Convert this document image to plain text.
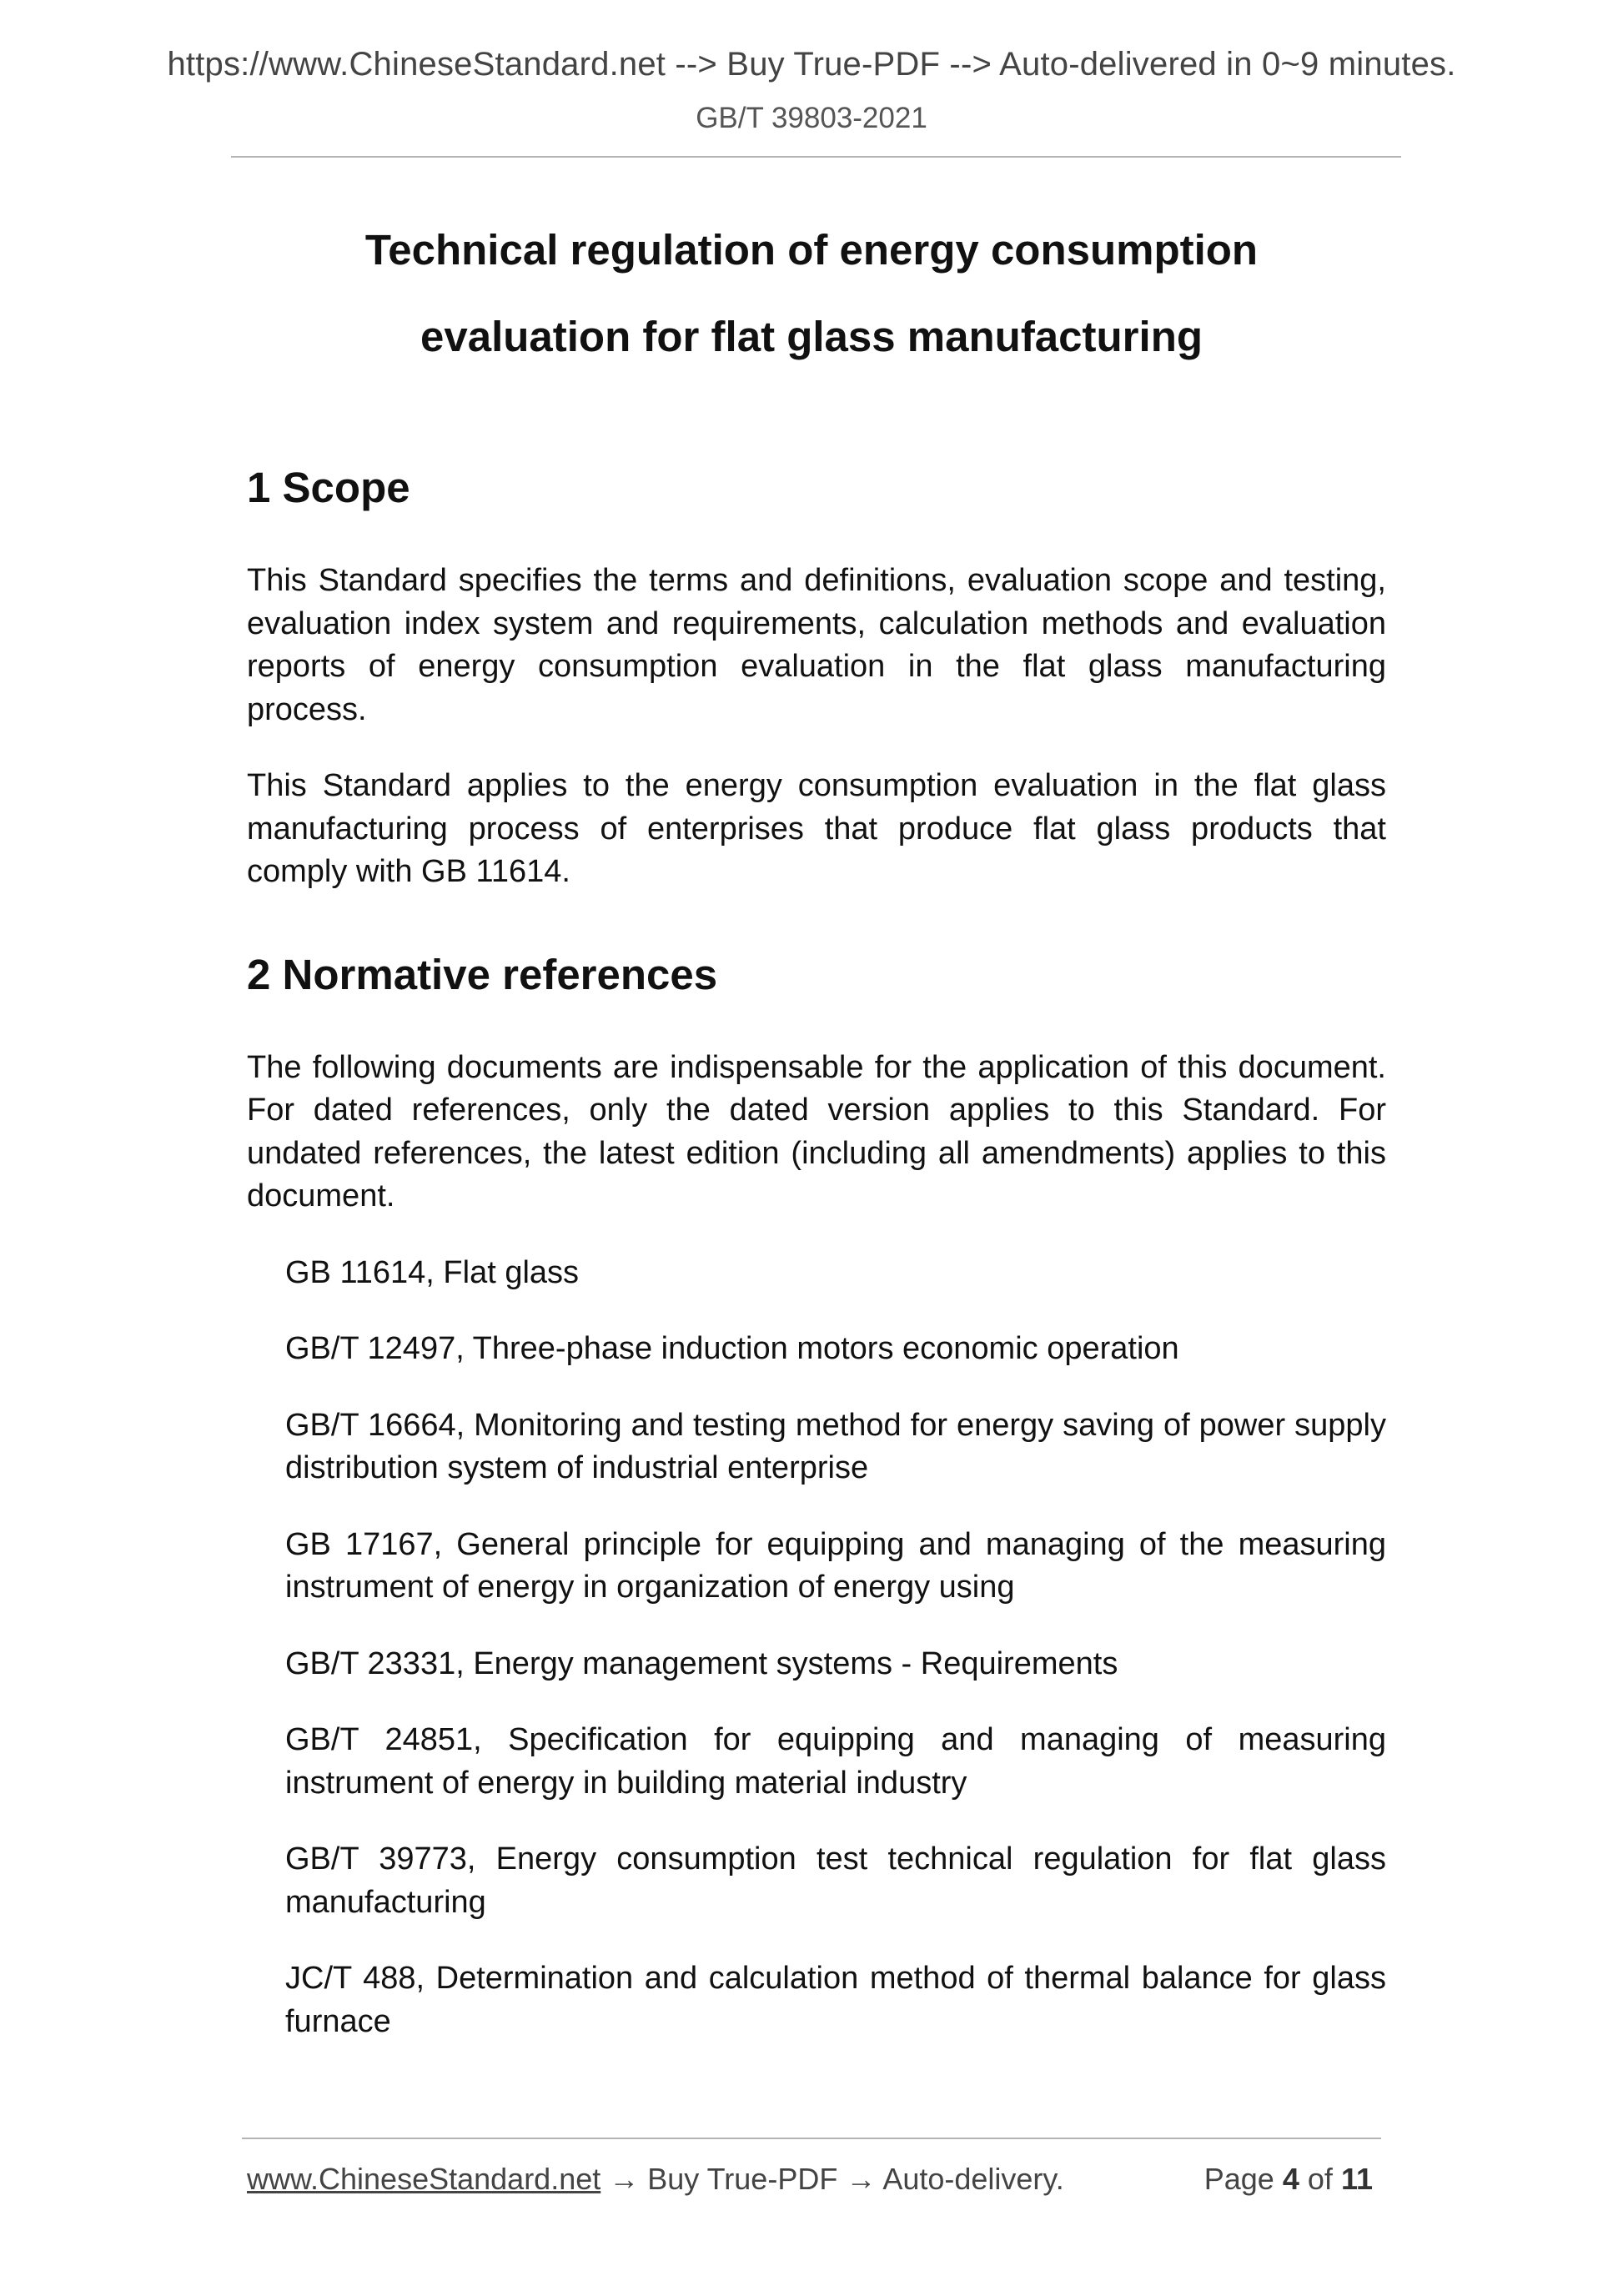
https://www.ChineseStandard.net --> Buy True-PDF --> Auto-delivered in 0~9 minutes.
GB/T 39803-2021
Technical regulation of energy consumption
evaluation for flat glass manufacturing
1 Scope

This Standard specifies the terms and definitions, evaluation scope and testing, evaluation index system and requirements, calculation methods and evaluation reports of energy consumption evaluation in the flat glass manufacturing process.

This Standard applies to the energy consumption evaluation in the flat glass manufacturing process of enterprises that produce flat glass products that comply with GB 11614.

2 Normative references

The following documents are indispensable for the application of this document. For dated references, only the dated version applies to this Standard. For undated references, the latest edition (including all amendments) applies to this document.

GB 11614, Flat glass
GB/T 12497, Three-phase induction motors economic operation
GB/T 16664, Monitoring and testing method for energy saving of power supply distribution system of industrial enterprise
GB 17167, General principle for equipping and managing of the measuring instrument of energy in organization of energy using
GB/T 23331, Energy management systems - Requirements
GB/T 24851, Specification for equipping and managing of measuring instrument of energy in building material industry
GB/T 39773, Energy consumption test technical regulation for flat glass manufacturing
JC/T 488, Determination and calculation method of thermal balance for glass furnace
www.ChineseStandard.net → Buy True-PDF → Auto-delivery.	Page 4 of 11
